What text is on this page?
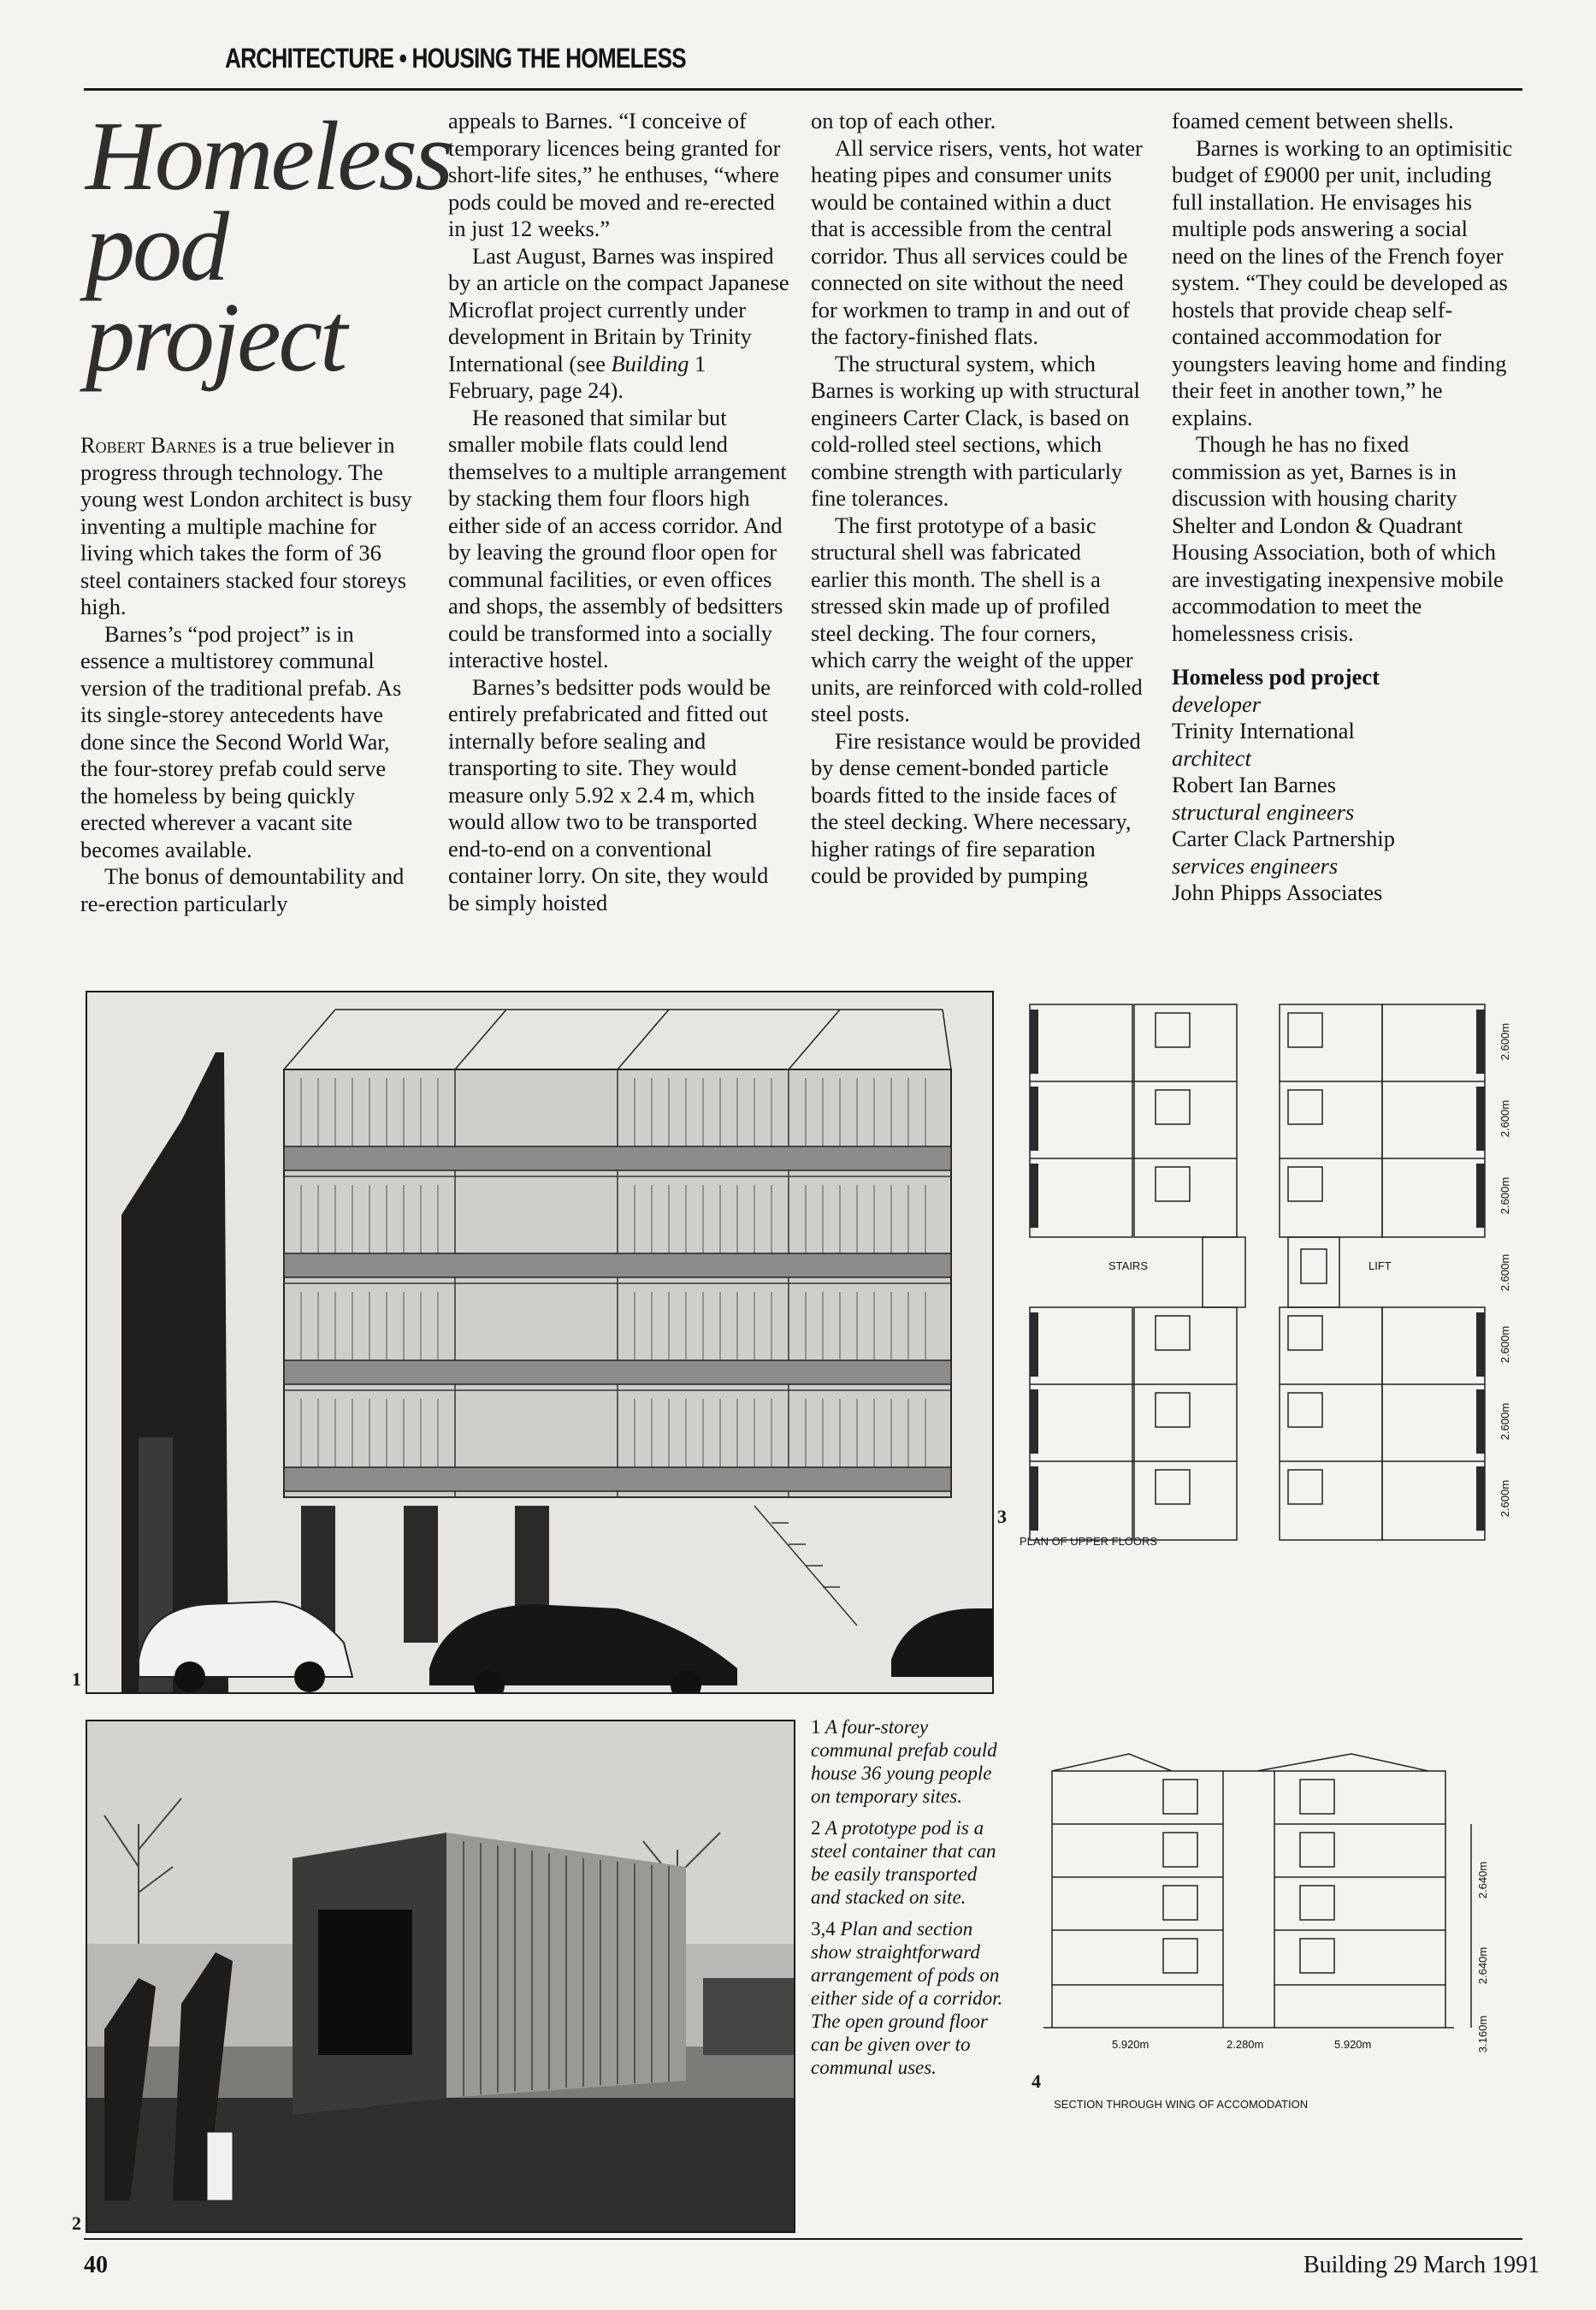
ARCHITECTURE • HOUSING THE HOMELESS
Homeless
pod
project

Robert Barnes is a true believer in progress through technology. The young west London architect is busy inventing a multiple machine for living which takes the form of 36 steel containers stacked four storeys high.

Barnes’s “pod project” is in essence a multistorey communal version of the traditional prefab. As its single-storey antecedents have done since the Second World War, the four-storey prefab could serve the homeless by being quickly erected wherever a vacant site becomes available.

The bonus of demountability and re-erection particularly

appeals to Barnes. “I conceive of temporary licences being granted for short-life sites,” he enthuses, “where pods could be moved and re-erected in just 12 weeks.”

Last August, Barnes was inspired by an article on the compact Japanese Microflat project currently under development in Britain by Trinity International (see Building 1 February, page 24).

He reasoned that similar but smaller mobile flats could lend themselves to a multiple arrangement by stacking them four floors high either side of an access corridor. And by leaving the ground floor open for communal facilities, or even offices and shops, the assembly of bedsitters could be transformed into a socially interactive hostel.

Barnes’s bedsitter pods would be entirely prefabricated and fitted out internally before sealing and transporting to site. They would measure only 5.92 x 2.4 m, which would allow two to be transported end-to-end on a conventional container lorry. On site, they would be simply hoisted

on top of each other.

All service risers, vents, hot water heating pipes and consumer units would be contained within a duct that is accessible from the central corridor. Thus all services could be connected on site without the need for workmen to tramp in and out of the factory-finished flats.

The structural system, which Barnes is working up with structural engineers Carter Clack, is based on cold-rolled steel sections, which combine strength with particularly fine tolerances.

The first prototype of a basic structural shell was fabricated earlier this month. The shell is a stressed skin made up of profiled steel decking. The four corners, which carry the weight of the upper units, are reinforced with cold-rolled steel posts.

Fire resistance would be provided by dense cement-bonded particle boards fitted to the inside faces of the steel decking. Where necessary, higher ratings of fire separation could be provided by pumping

foamed cement between shells.

Barnes is working to an optimisitic budget of £9000 per unit, including full installation. He envisages his multiple pods answering a social need on the lines of the French foyer system. “They could be developed as hostels that provide cheap self-contained accommodation for youngsters leaving home and finding their feet in another town,” he explains.

Though he has no fixed commission as yet, Barnes is in discussion with housing charity Shelter and London & Quadrant Housing Association, both of which are investigating inexpensive mobile accommodation to meet the homelessness crisis.

Homeless pod project
developer
Trinity International
architect
Robert Ian Barnes
structural engineers
Carter Clack Partnership
services engineers
John Phipps Associates
1
2
STAIRS	LIFT
2.600m
2.600m
2.600m
2.600m
2.600m
2.600m
2.600m
3
PLAN OF UPPER FLOORS
5.920m	2.280m	5.920m
2.640m
2.640m
3.160m
4
SECTION THROUGH WING OF ACCOMODATION

1 A four-storey communal prefab could house 36 young people on temporary sites.

2 A prototype pod is a steel container that can be easily transported and stacked on site.

3,4 Plan and section show straightforward arrangement of pods on either side of a corridor. The open ground floor can be given over to communal uses.

40	Building 29 March 1991
